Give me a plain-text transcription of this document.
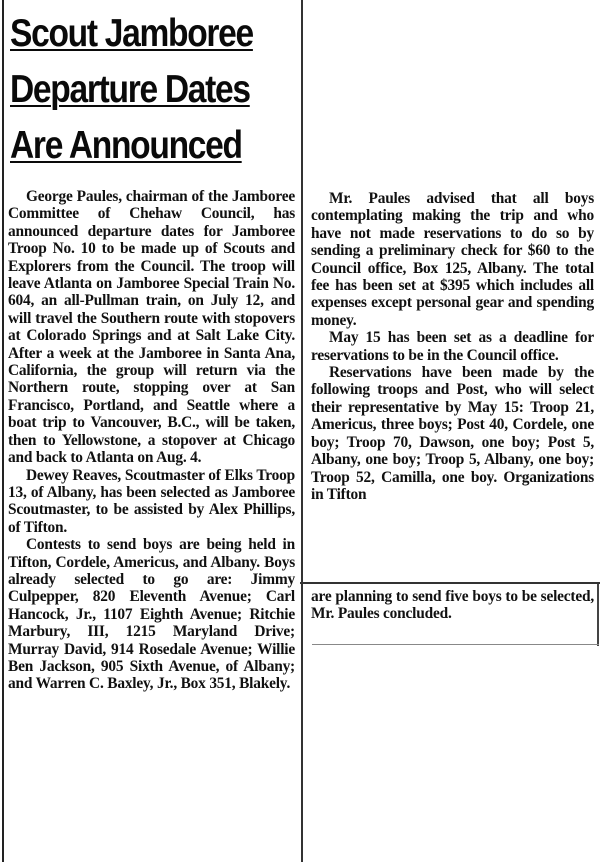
Scout Jamboree
Departure Dates
Are Announced

George Paules, chairman of the Jamboree Committee of Chehaw Council, has announced departure dates for Jamboree Troop No. 10 to be made up of Scouts and Explorers from the Council. The troop will leave Atlanta on Jamboree Special Train No. 604, an all-Pullman train, on July 12, and will travel the Southern route with stopovers at Colorado Springs and at Salt Lake City. After a week at the Jamboree in Santa Ana, California, the group will return via the Northern route, stopping over at San Francisco, Portland, and Seattle where a boat trip to Vancouver, B.C., will be taken, then to Yellowstone, a stopover at Chicago and back to Atlanta on Aug. 4.

Dewey Reaves, Scoutmaster of Elks Troop 13, of Albany, has been selected as Jamboree Scoutmaster, to be assisted by Alex Phillips, of Tifton.

Contests to send boys are being held in Tifton, Cordele, Americus, and Albany. Boys already selected to go are: Jimmy Culpepper, 820 Eleventh Avenue; Carl Hancock, Jr., 1107 Eighth Avenue; Ritchie Marbury, III, 1215 Maryland Drive; Murray David, 914 Rosedale Avenue; Willie Ben Jackson, 905 Sixth Avenue, of Albany; and Warren C. Baxley, Jr., Box 351, Blakely.

Mr. Paules advised that all boys contemplating making the trip and who have not made reservations to do so by sending a preliminary check for $60 to the Council office, Box 125, Albany. The total fee has been set at $395 which includes all expenses except personal gear and spending money.

May 15 has been set as a deadline for reservations to be in the Council office.

Reservations have been made by the following troops and Post, who will select their representative by May 15: Troop 21, Americus, three boys; Post 40, Cordele, one boy; Troop 70, Dawson, one boy; Post 5, Albany, one boy; Troop 5, Albany, one boy; Troop 52, Camilla, one boy. Organizations in Tifton

are planning to send five boys to be selected, Mr. Paules concluded.
